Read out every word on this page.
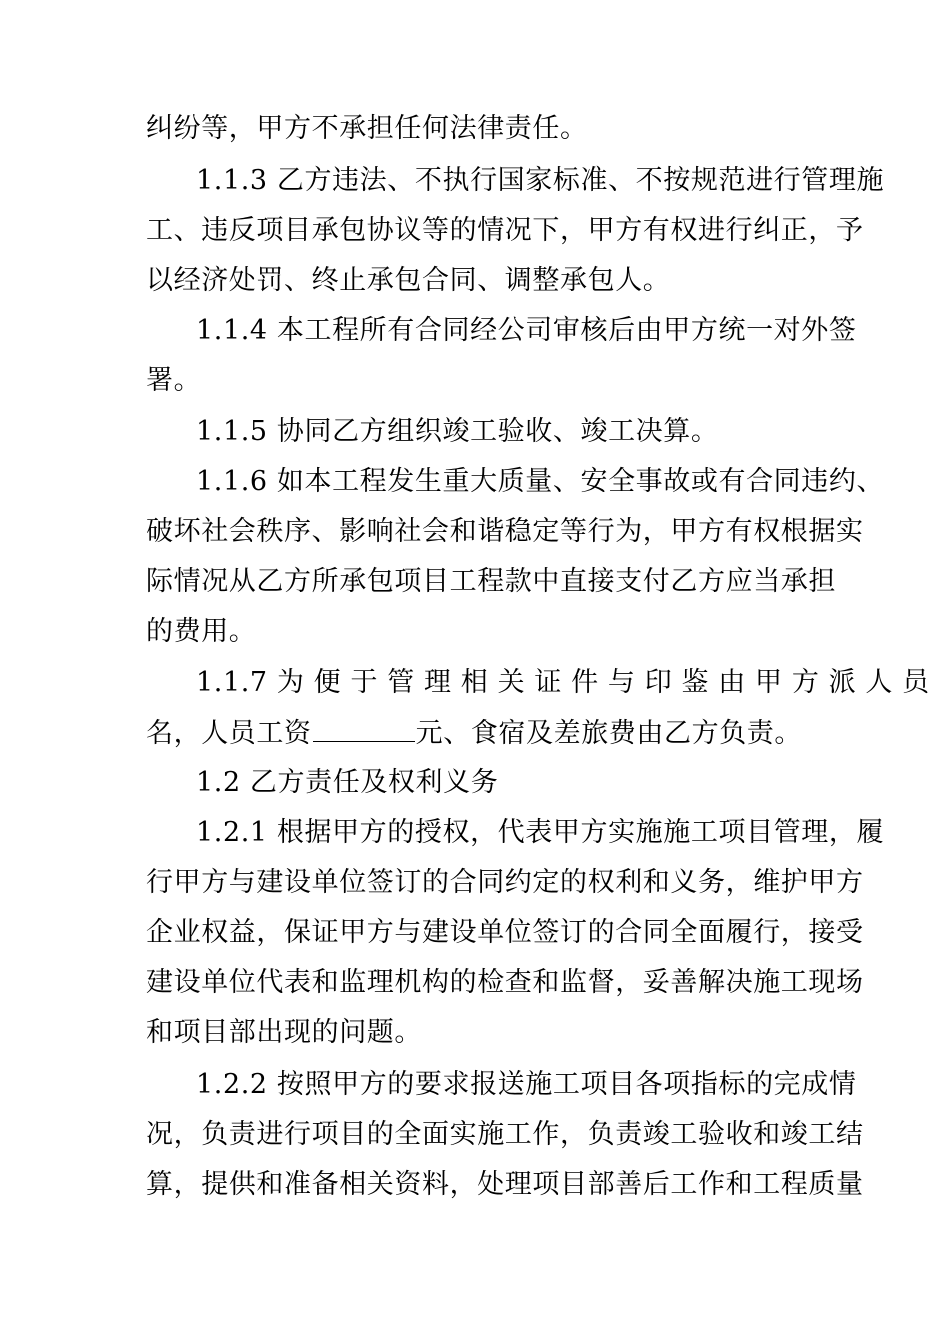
纠纷等，甲方不承担任何法律责任。
1.1.3 乙方违法、不执行国家标准、不按规范进行管理施
工、违反项目承包协议等的情况下，甲方有权进行纠正，予
以经济处罚、终止承包合同、调整承包人。
1.1.4 本工程所有合同经公司审核后由甲方统一对外签
署。
1.1.5 协同乙方组织竣工验收、竣工决算。
1.1.6 如本工程发生重大质量、安全事故或有合同违约、
破坏社会秩序、影响社会和谐稳定等行为，甲方有权根据实
际情况从乙方所承包项目工程款中直接支付乙方应当承担
的费用。
1.1.7 为 便 于 管 理 相 关 证 件 与 印 鉴 由 甲 方 派 人 员
名，人员工资	元、食宿及差旅费由乙方负责。
1.2 乙方责任及权利义务
1.2.1 根据甲方的授权，代表甲方实施施工项目管理，履
行甲方与建设单位签订的合同约定的权利和义务，维护甲方
企业权益，保证甲方与建设单位签订的合同全面履行，接受
建设单位代表和监理机构的检查和监督，妥善解决施工现场
和项目部出现的问题。
1.2.2 按照甲方的要求报送施工项目各项指标的完成情
况，负责进行项目的全面实施工作，负责竣工验收和竣工结
算，提供和准备相关资料，处理项目部善后工作和工程质量
